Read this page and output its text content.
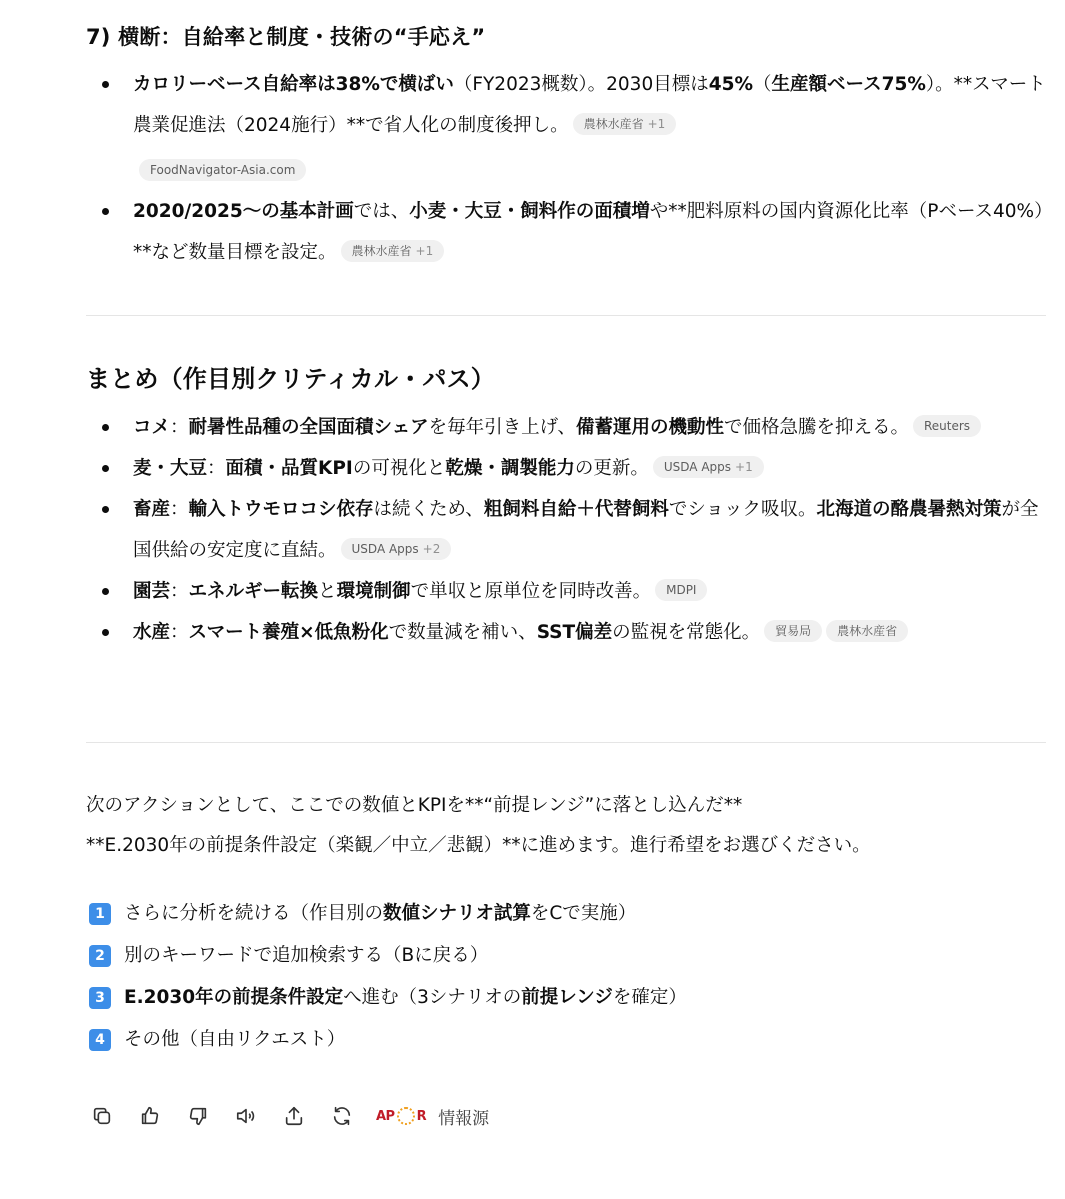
7) 横断：自給率と制度・技術の“手応え”
カロリーベース自給率は38%で横ばい（FY2023概数）。2030目標は45%（生産額ベース75%）。**スマート農業促進法（2024施行）**で省人化の制度後押し。 農林水産省 +1
FoodNavigator-Asia.com
2020/2025〜の基本計画では、小麦・大豆・飼料作の面積増や**肥料原料の国内資源化比率（Pベース40%）**など数量目標を設定。 農林水産省 +1
まとめ（作目別クリティカル・パス）
コメ：耐暑性品種の全国面積シェアを毎年引き上げ、備蓄運用の機動性で価格急騰を抑える。 Reuters
麦・大豆：面積・品質KPIの可視化と乾燥・調製能力の更新。 USDA Apps +1
畜産：輸入トウモロコシ依存は続くため、粗飼料自給＋代替飼料でショック吸収。北海道の酪農暑熱対策が全国供給の安定度に直結。 USDA Apps +2
園芸：エネルギー転換と環境制御で単収と原単位を同時改善。 MDPI
水産：スマート養殖×低魚粉化で数量減を補い、SST偏差の監視を常態化。 貿易局 農林水産省

次のアクションとして、ここでの数値とKPIを**“前提レンジ”に落とし込んだ**

**E.2030年の前提条件設定（楽観／中立／悲観）**に進めます。進行希望をお選びください。

1	さらに分析を続ける（作目別の数値シナリオ試算をCで実施）
2	別のキーワードで追加検索する（Bに戻る）
3	E.2030年の前提条件設定へ進む（3シナリオの前提レンジを確定）
4	その他（自由リクエスト）
AP R 情報源
